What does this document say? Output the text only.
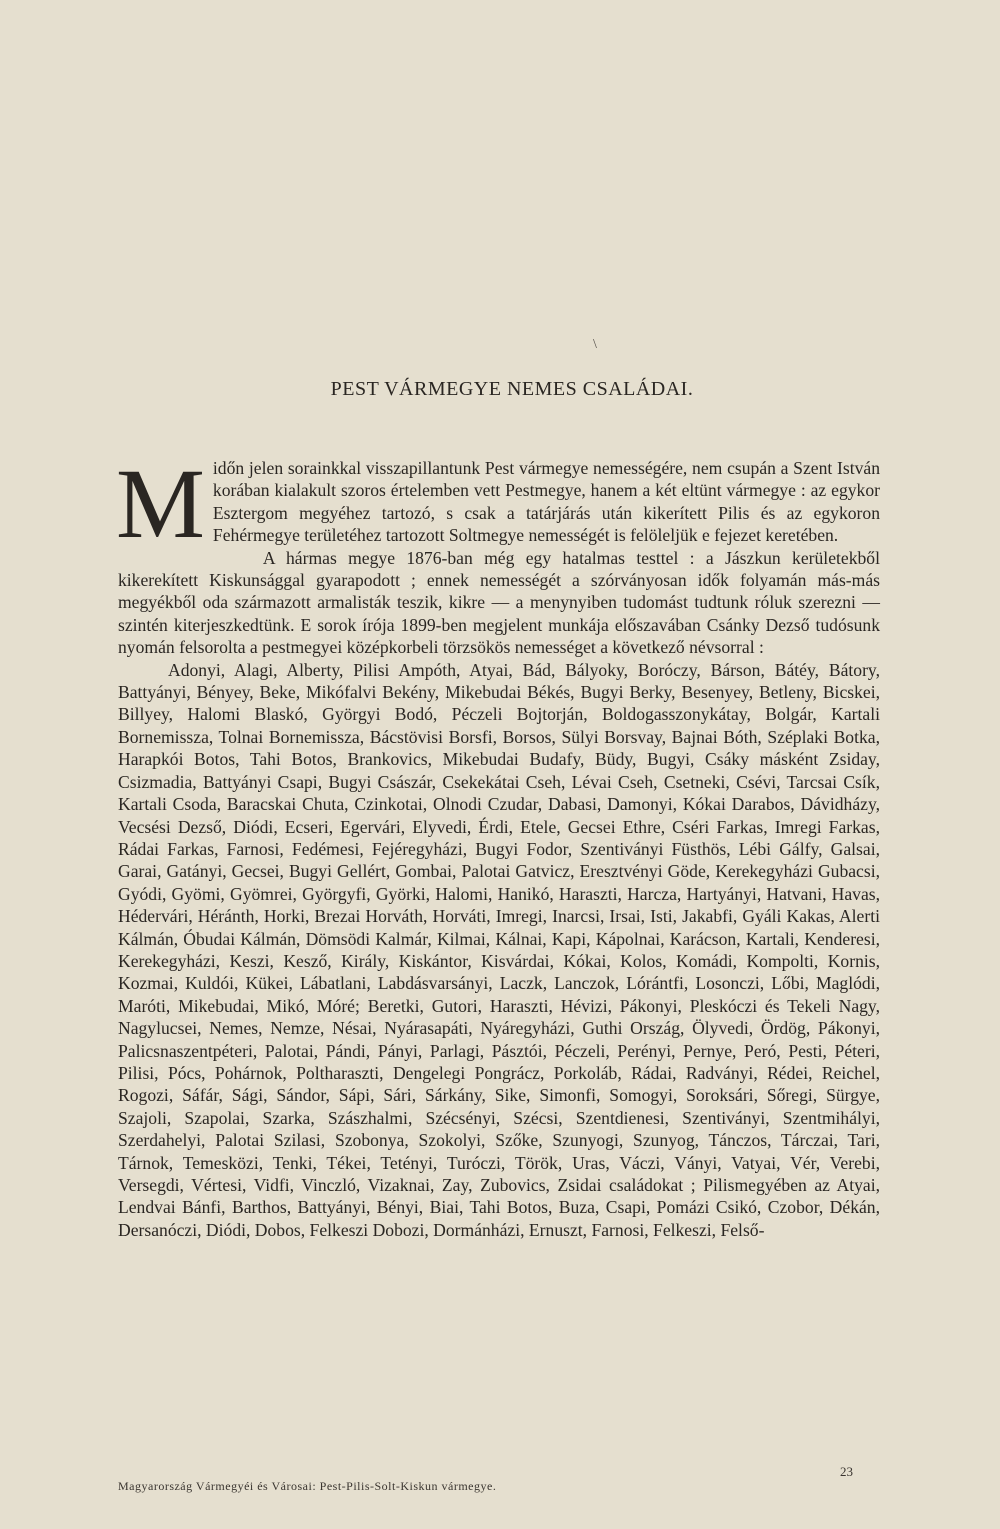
\
PEST VÁRMEGYE NEMES CSALÁDAI.

Midőn jelen sorainkkal visszapillantunk Pest vármegye nemességére, nem csupán a Szent István korában kialakult szoros értelemben vett Pestmegye, hanem a két eltünt vármegye : az egykor Esztergom megyéhez tartozó, s csak a tatárjárás után kikerített Pilis és az egykoron Fehérmegye területéhez tartozott Soltmegye nemességét is felöleljük e fejezet keretében.

A hármas megye 1876-ban még egy hatalmas testtel : a Jászkun kerületekből kikerekített Kiskunsággal gyarapodott ; ennek nemességét a szórványosan idők folyamán más-más megyékből oda származott armalisták teszik, kikre — a menynyiben tudomást tudtunk róluk szerezni — szintén kiterjeszkedtünk. E sorok írója 1899-ben megjelent munkája előszavában Csánky Dezső tudósunk nyomán felsorolta a pestmegyei középkorbeli törzsökös nemességet a következő névsorral :

Adonyi, Alagi, Alberty, Pilisi Ampóth, Atyai, Bád, Bályoky, Boróczy, Bárson, Bátéy, Bátory, Battyányi, Bényey, Beke, Mikófalvi Bekény, Mikebudai Békés, Bugyi Berky, Besenyey, Betleny, Bicskei, Billyey, Halomi Blaskó, Györgyi Bodó, Péczeli Bojtorján, Boldogasszonykátay, Bolgár, Kartali Bornemissza, Tolnai Bornemissza, Bácstövisi Borsfi, Borsos, Sülyi Borsvay, Bajnai Bóth, Széplaki Botka, Harapkói Botos, Tahi Botos, Brankovics, Mikebudai Budafy, Büdy, Bugyi, Csáky másként Zsiday, Csizmadia, Battyányi Csapi, Bugyi Császár, Csekekátai Cseh, Lévai Cseh, Csetneki, Csévi, Tarcsai Csík, Kartali Csoda, Baracskai Chuta, Czinkotai, Olnodi Czudar, Dabasi, Damonyi, Kókai Darabos, Dávidházy, Vecsési Dezső, Diódi, Ecseri, Egervári, Elyvedi, Érdi, Etele, Gecsei Ethre, Cséri Farkas, Imregi Farkas, Rádai Farkas, Farnosi, Fedémesi, Fejéregyházi, Bugyi Fodor, Szentiványi Füsthös, Lébi Gálfy, Galsai, Garai, Gatányi, Gecsei, Bugyi Gellért, Gombai, Palotai Gatvicz, Eresztvényi Göde, Kerekegyházi Gubacsi, Gyódi, Gyömi, Gyömrei, Györgyfi, Györki, Halomi, Hanikó, Haraszti, Harcza, Hartyányi, Hatvani, Havas, Hédervári, Héránth, Horki, Brezai Horváth, Horváti, Imregi, Inarcsi, Irsai, Isti, Jakabfi, Gyáli Kakas, Alerti Kálmán, Óbudai Kálmán, Dömsödi Kalmár, Kilmai, Kálnai, Kapi, Kápolnai, Karácson, Kartali, Kenderesi, Kerekegyházi, Keszi, Kesző, Király, Kiskántor, Kisvárdai, Kókai, Kolos, Komádi, Kompolti, Kornis, Kozmai, Kuldói, Kükei, Lábatlani, Labdásvarsányi, Laczk, Lanczok, Lórántfi, Losonczi, Lőbi, Maglódi, Maróti, Mikebudai, Mikó, Móré; Beretki, Gutori, Haraszti, Hévizi, Pákonyi, Pleskóczi és Tekeli Nagy, Nagylucsei, Nemes, Nemze, Nésai, Nyárasapáti, Nyáregyházi, Guthi Ország, Ölyvedi, Ördög, Pákonyi, Palicsnaszentpéteri, Palotai, Pándi, Pányi, Parlagi, Pásztói, Péczeli, Perényi, Pernye, Peró, Pesti, Péteri, Pilisi, Pócs, Pohárnok, Poltharaszti, Dengelegi Pongrácz, Porkoláb, Rádai, Radványi, Rédei, Reichel, Rogozi, Sáfár, Sági, Sándor, Sápi, Sári, Sárkány, Sike, Simonfi, Somogyi, Soroksári, Sőregi, Sürgye, Szajoli, Szapolai, Szarka, Szászhalmi, Szécsényi, Szécsi, Szentdienesi, Szentiványi, Szentmihályi, Szerdahelyi, Palotai Szilasi, Szobonya, Szokolyi, Szőke, Szunyogi, Szunyog, Tánczos, Tárczai, Tari, Tárnok, Temesközi, Tenki, Tékei, Tetényi, Turóczi, Török, Uras, Váczi, Ványi, Vatyai, Vér, Verebi, Versegdi, Vértesi, Vidfi, Vinczló, Vizaknai, Zay, Zubovics, Zsidai családokat ; Pilismegyében az Atyai, Lendvai Bánfi, Barthos, Battyányi, Bényi, Biai, Tahi Botos, Buza, Csapi, Pomázi Csikó, Czobor, Dékán, Dersanóczi, Diódi, Dobos, Felkeszi Dobozi, Dormánházi, Ernuszt, Farnosi, Felkeszi, Felső-

Magyarország Vármegyéi és Városai: Pest-Pilis-Solt-Kiskun vármegye.
23
